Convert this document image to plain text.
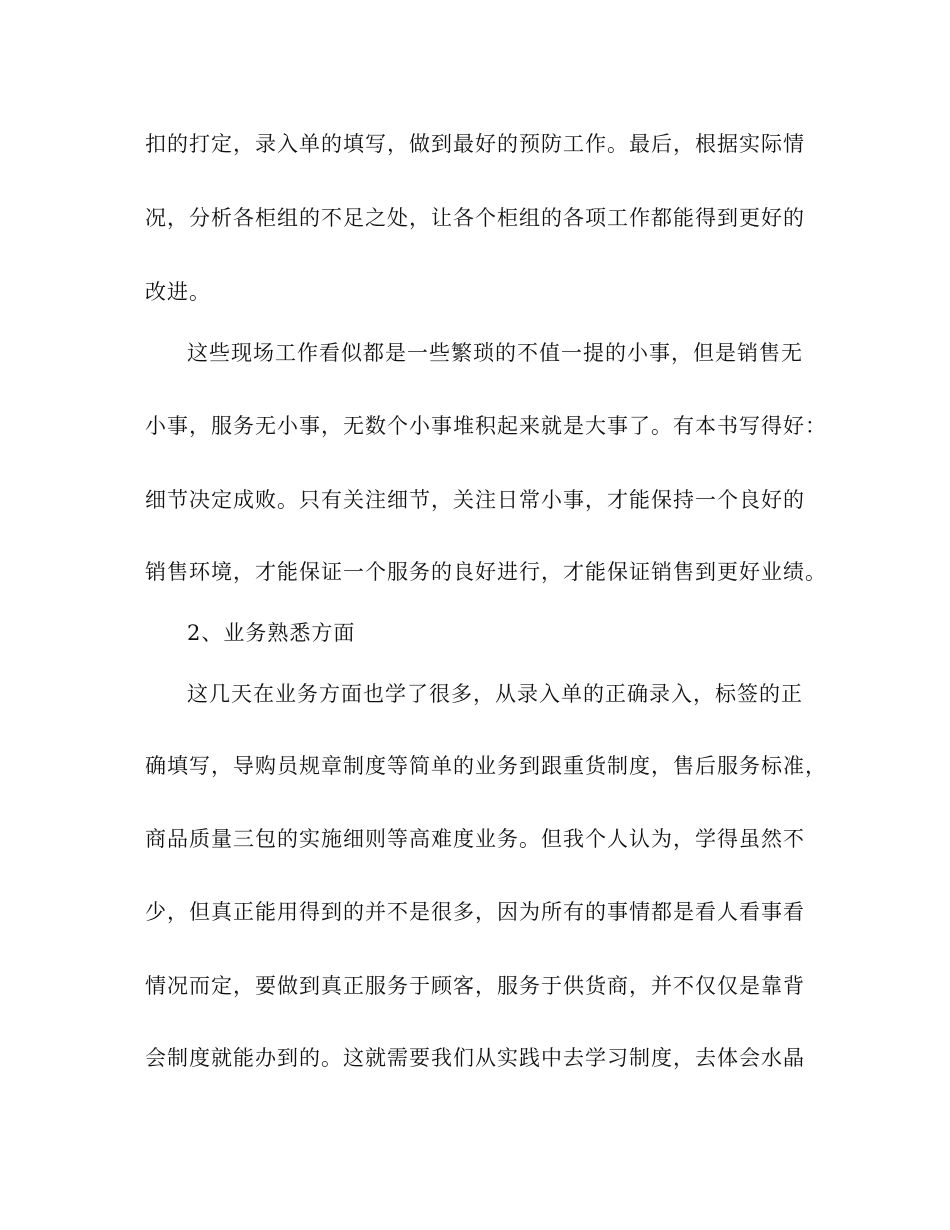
扣的打定，录入单的填写，做到最好的预防工作。最后，根据实际情
况，分析各柜组的不足之处，让各个柜组的各项工作都能得到更好的
改进。
这些现场工作看似都是一些繁琐的不值一提的小事，但是销售无
小事，服务无小事，无数个小事堆积起来就是大事了。有本书写得好：
细节决定成败。只有关注细节，关注日常小事，才能保持一个良好的
销售环境，才能保证一个服务的良好进行，才能保证销售到更好业绩。
2、业务熟悉方面
这几天在业务方面也学了很多，从录入单的正确录入，标签的正
确填写，导购员规章制度等简单的业务到跟重货制度，售后服务标准，
商品质量三包的实施细则等高难度业务。但我个人认为，学得虽然不
少，但真正能用得到的并不是很多，因为所有的事情都是看人看事看
情况而定，要做到真正服务于顾客，服务于供货商，并不仅仅是靠背
会制度就能办到的。这就需要我们从实践中去学习制度，去体会水晶
